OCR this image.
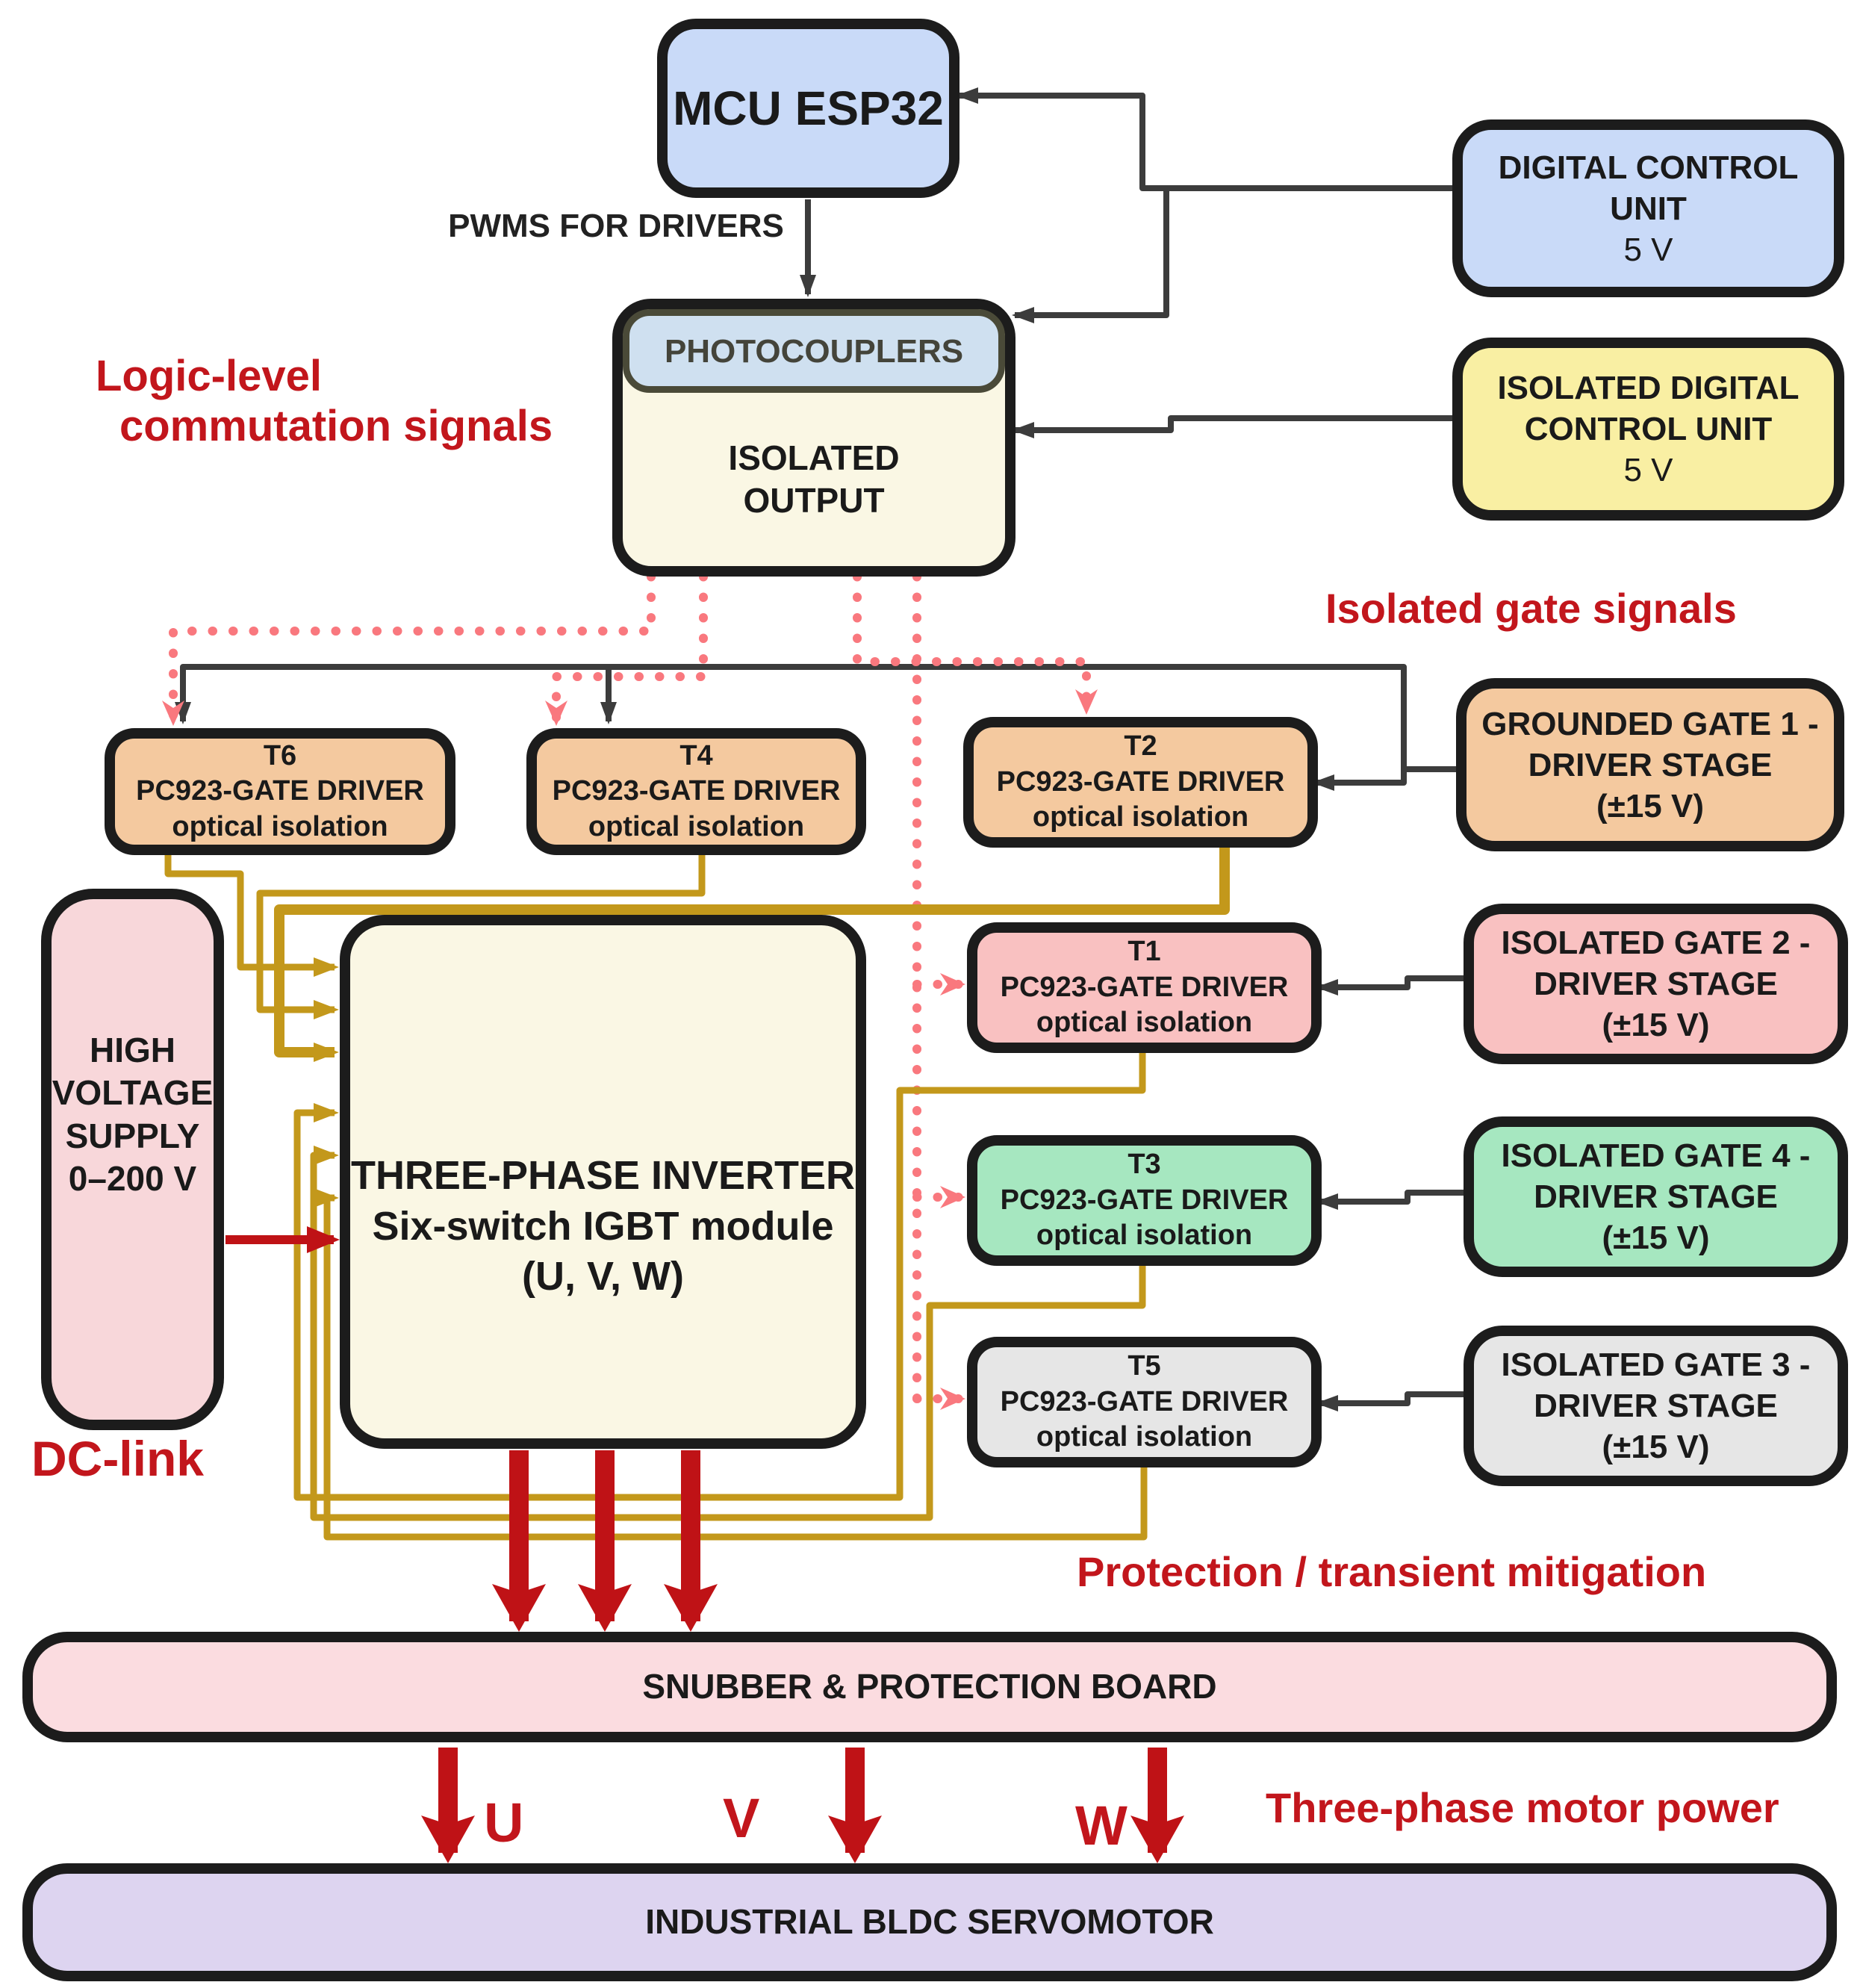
MCU ESP32
PWMS FOR DRIVERS
PHOTOCOUPLERS
ISOLATED
OUTPUT
DIGITAL CONTROL UNIT
5 V
ISOLATED DIGITAL
CONTROL UNIT
5 V
Logic-level
commutation signals
Isolated gate signals
T6
PC923-GATE DRIVER
optical isolation
T4
PC923-GATE DRIVER
optical isolation
T2
PC923-GATE DRIVER
optical isolation
GROUNDED GATE 1 -
DRIVER STAGE
(±15 V)
T1
PC923-GATE DRIVER
optical isolation
ISOLATED GATE 2 -
DRIVER STAGE
(±15 V)
T3
PC923-GATE DRIVER
optical isolation
ISOLATED GATE 4 -
DRIVER STAGE
(±15 V)
T5
PC923-GATE DRIVER
optical isolation
ISOLATED GATE 3 -
DRIVER STAGE
(±15 V)
HIGH
VOLTAGE
SUPPLY
0–200 V
DC-link
THREE-PHASE INVERTER
Six-switch IGBT module
(U, V, W)
Protection / transient mitigation
SNUBBER & PROTECTION BOARD
U	V	W	Three-phase motor power
INDUSTRIAL BLDC SERVOMOTOR
